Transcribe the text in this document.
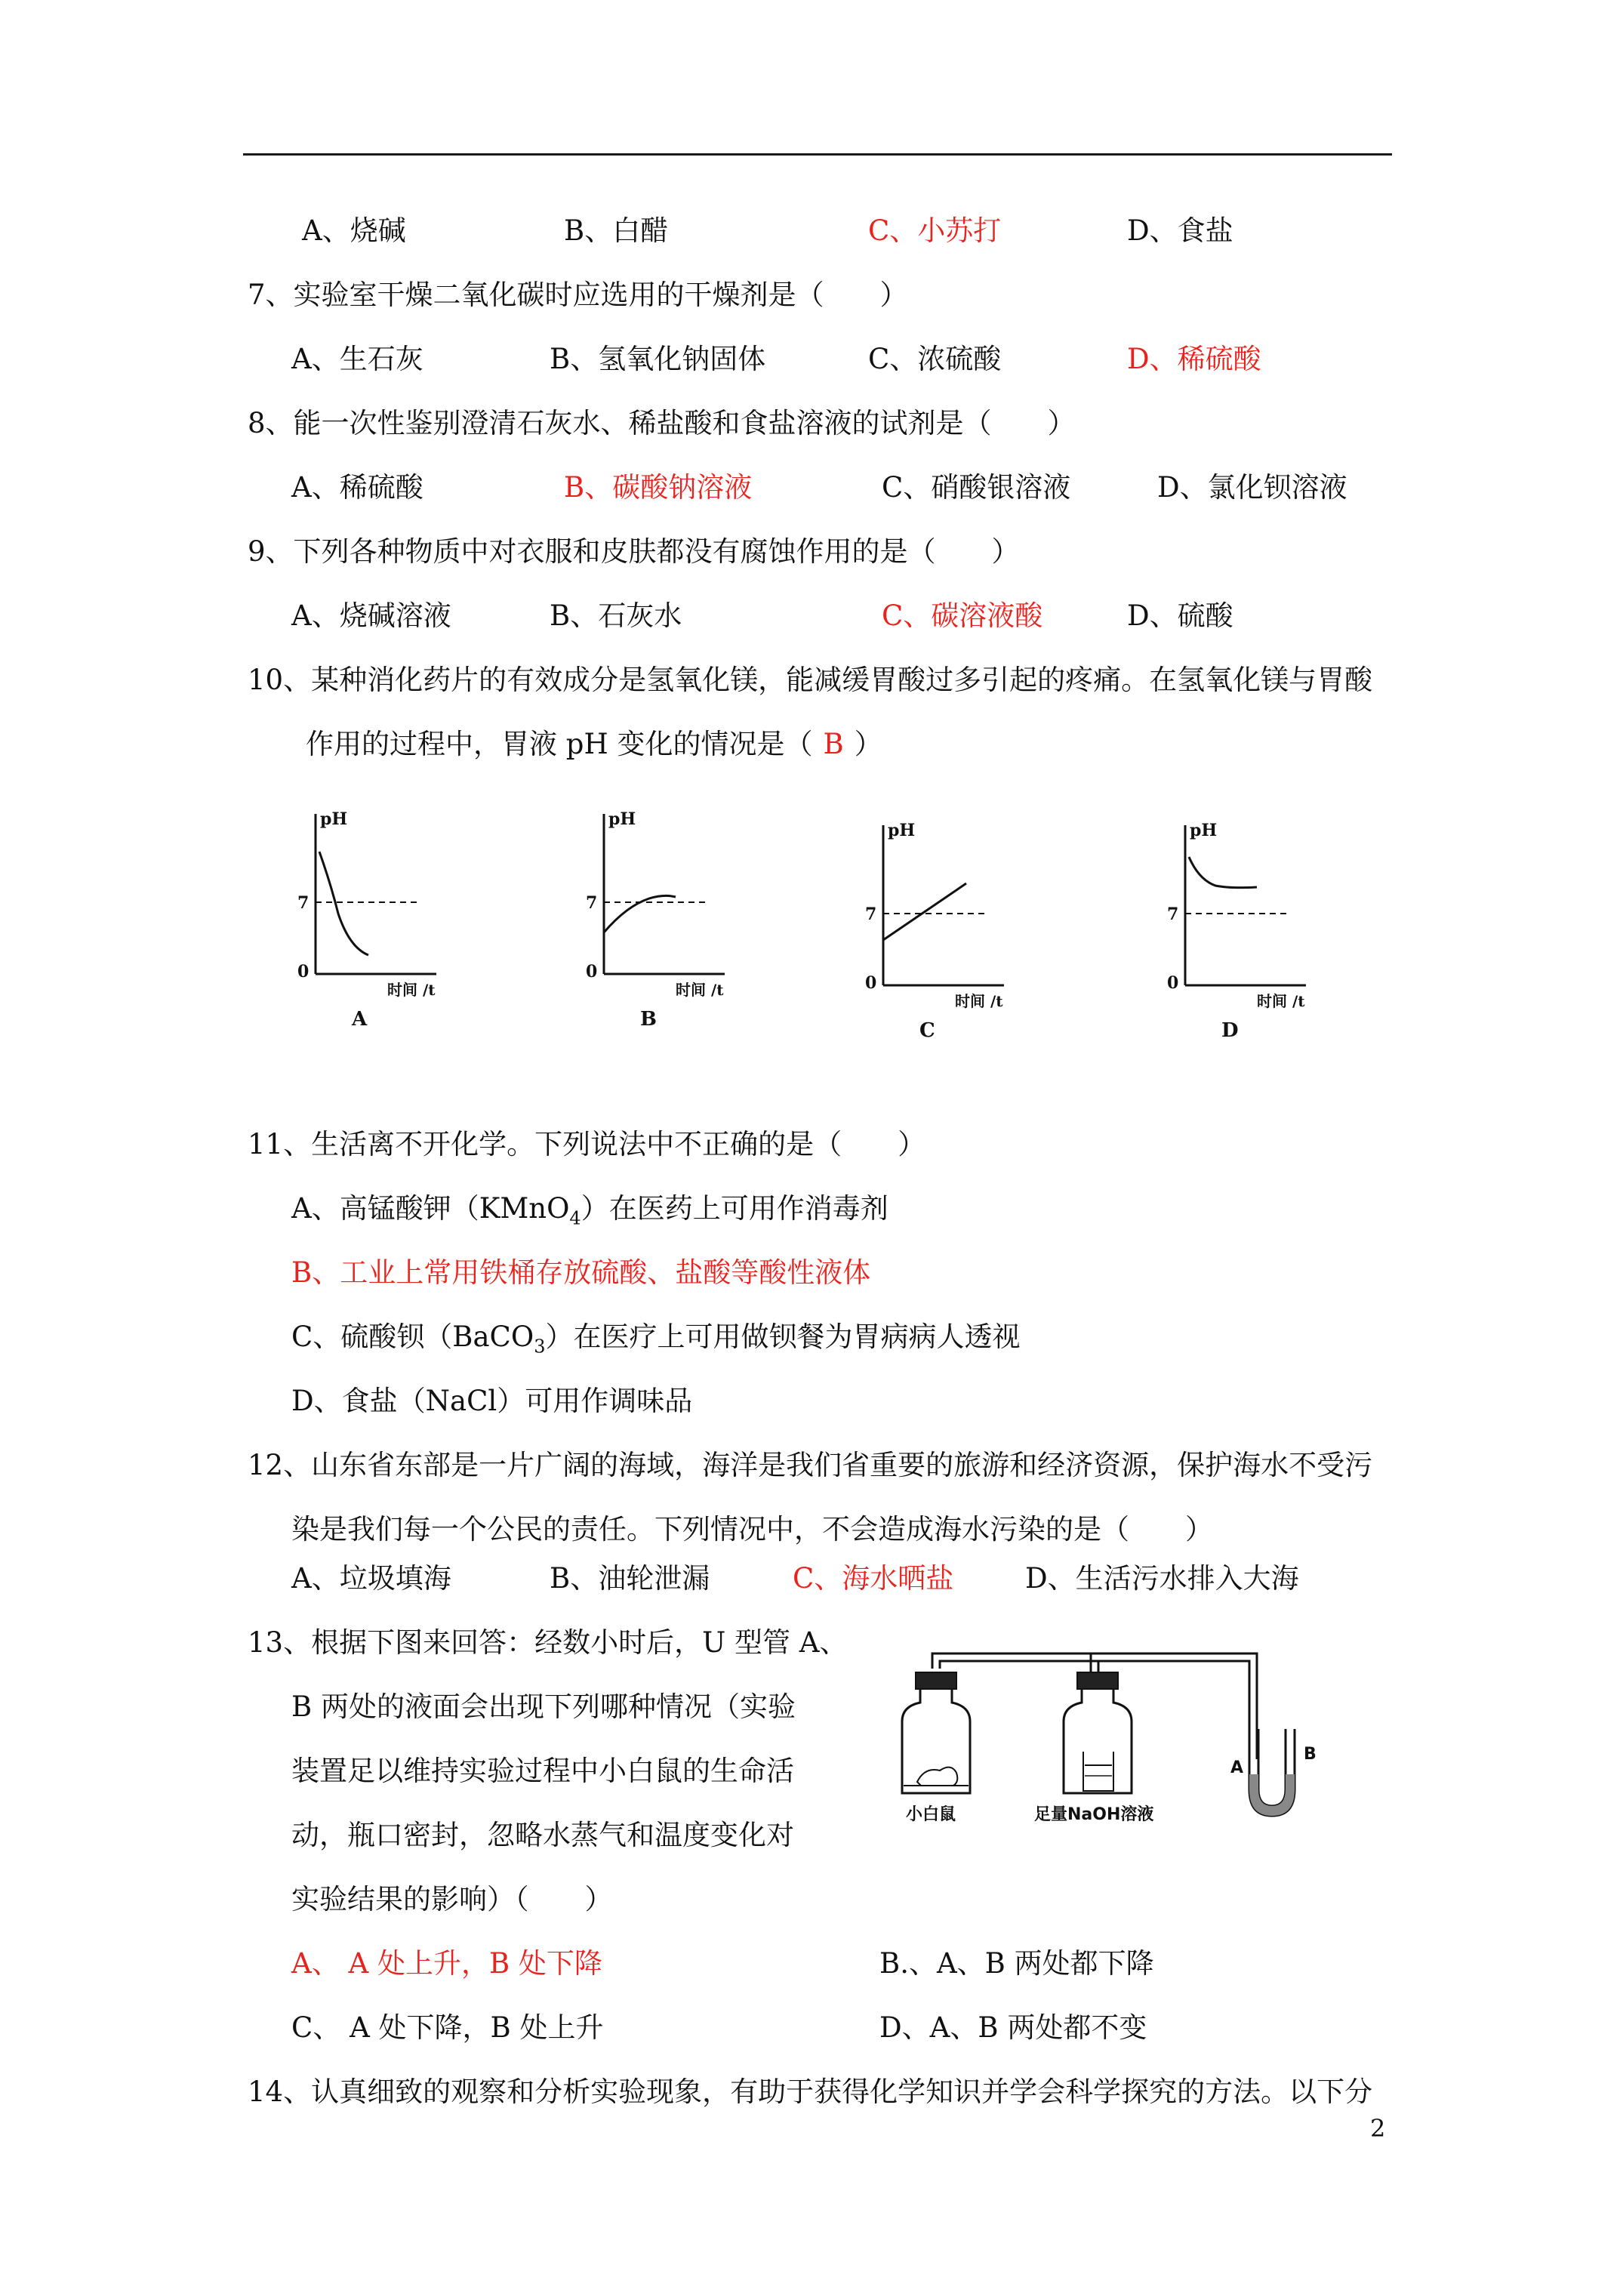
A、烧碱	B、白醋	C、小苏打	D、食盐
7、实验室干燥二氧化碳时应选用的干燥剂是（　　）
A、生石灰	B、氢氧化钠固体	C、浓硫酸	D、稀硫酸
8、能一次性鉴别澄清石灰水、稀盐酸和食盐溶液的试剂是（　　）
A、稀硫酸	B、碳酸钠溶液	C、硝酸银溶液	D、氯化钡溶液
9、下列各种物质中对衣服和皮肤都没有腐蚀作用的是（　　）
A、烧碱溶液	B、石灰水	C、碳溶液酸	D、硫酸
10、某种消化药片的有效成分是氢氧化镁，能减缓胃酸过多引起的疼痛。在氢氧化镁与胃酸
作用的过程中，胃液 pH 变化的情况是（ B ）
pH
7
0
时间 /t
A
pH
7
0
时间 /t
B
pH
7
0
时间 /t
C
pH
7
0
时间 /t
D
11、生活离不开化学。下列说法中不正确的是（　　）
A、高锰酸钾（KMnO$_4$）在医药上可用作消毒剂
B、工业上常用铁桶存放硫酸、盐酸等酸性液体
C、硫酸钡（BaCO$_3$）在医疗上可用做钡餐为胃病病人透视
D、食盐（NaCl）可用作调味品
12、山东省东部是一片广阔的海域，海洋是我们省重要的旅游和经济资源，保护海水不受污
染是我们每一个公民的责任。下列情况中，不会造成海水污染的是（　　）
A、垃圾填海	B、油轮泄漏	C、海水晒盐	D、生活污水排入大海
13、根据下图来回答：经数小时后，U 型管 A、
B 两处的液面会出现下列哪种情况（实验
装置足以维持实验过程中小白鼠的生命活
动，瓶口密封，忽略水蒸气和温度变化对
实验结果的影响）（　　）
A、 A 处上升，B 处下降	B.、A、B 两处都下降
C、 A 处下降，B 处上升	D、A、B 两处都不变
A
B
小白鼠	足量NaOH溶液
14、认真细致的观察和分析实验现象，有助于获得化学知识并学会科学探究的方法。以下分
2
